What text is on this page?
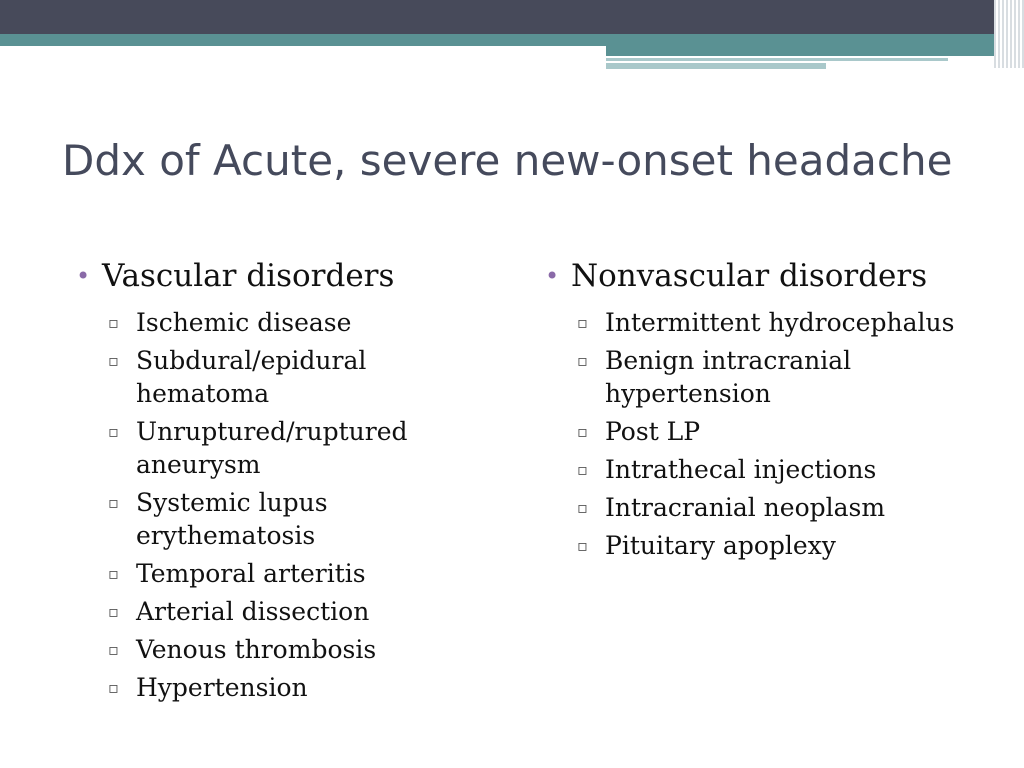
Ddx of Acute, severe new-onset headache
• Vascular disorders
▫ Ischemic disease
▫ Subdural/epidural hematoma
▫ Unruptured/ruptured aneurysm
▫ Systemic lupus erythematosis
▫ Temporal arteritis
▫ Arterial dissection
▫ Venous thrombosis
▫ Hypertension
• Nonvascular disorders
▫ Intermittent hydrocephalus
▫ Benign intracranial hypertension
▫ Post LP
▫ Intrathecal injections
▫ Intracranial neoplasm
▫ Pituitary apoplexy
